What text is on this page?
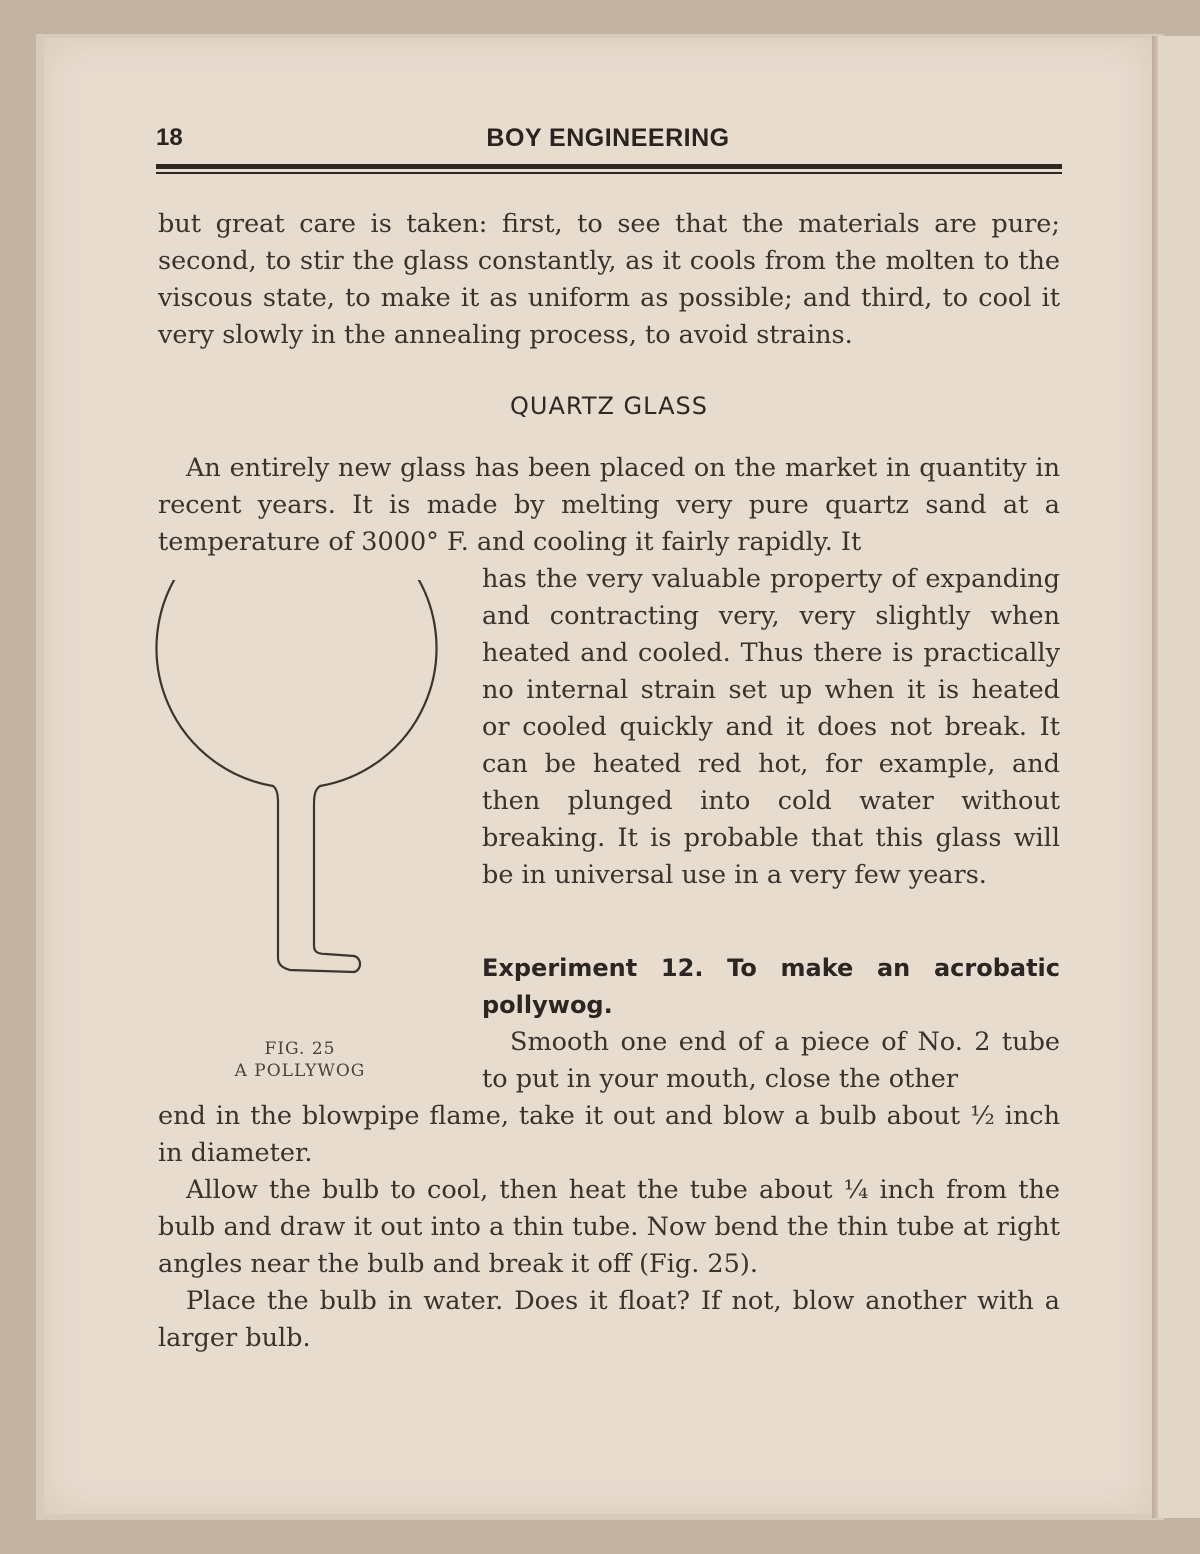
18	BOY ENGINEERING

but great care is taken: first, to see that the materials are pure; second, to stir the glass constantly, as it cools from the molten to the viscous state, to make it as uniform as possible; and third, to cool it very slowly in the annealing process, to avoid strains.

QUARTZ GLASS

An entirely new glass has been placed on the market in quantity in recent years. It is made by melting very pure quartz sand at a temperature of 3000° F. and cooling it fairly rapidly. It

has the very valuable property of expanding and contracting very, very slightly when heated and cooled. Thus there is practically no internal strain set up when it is heated or cooled quickly and it does not break. It can be heated red hot, for example, and then plunged into cold water without breaking. It is probable that this glass will be in universal use in a very few years.

FIG. 25
A POLLYWOG
Experiment 12. To make an acrobatic pollywog.

Smooth one end of a piece of No. 2 tube to put in your mouth, close the other

end in the blowpipe flame, take it out and blow a bulb about ½ inch in diameter.

Allow the bulb to cool, then heat the tube about ¼ inch from the bulb and draw it out into a thin tube. Now bend the thin tube at right angles near the bulb and break it off (Fig. 25).

Place the bulb in water. Does it float? If not, blow another with a larger bulb.
